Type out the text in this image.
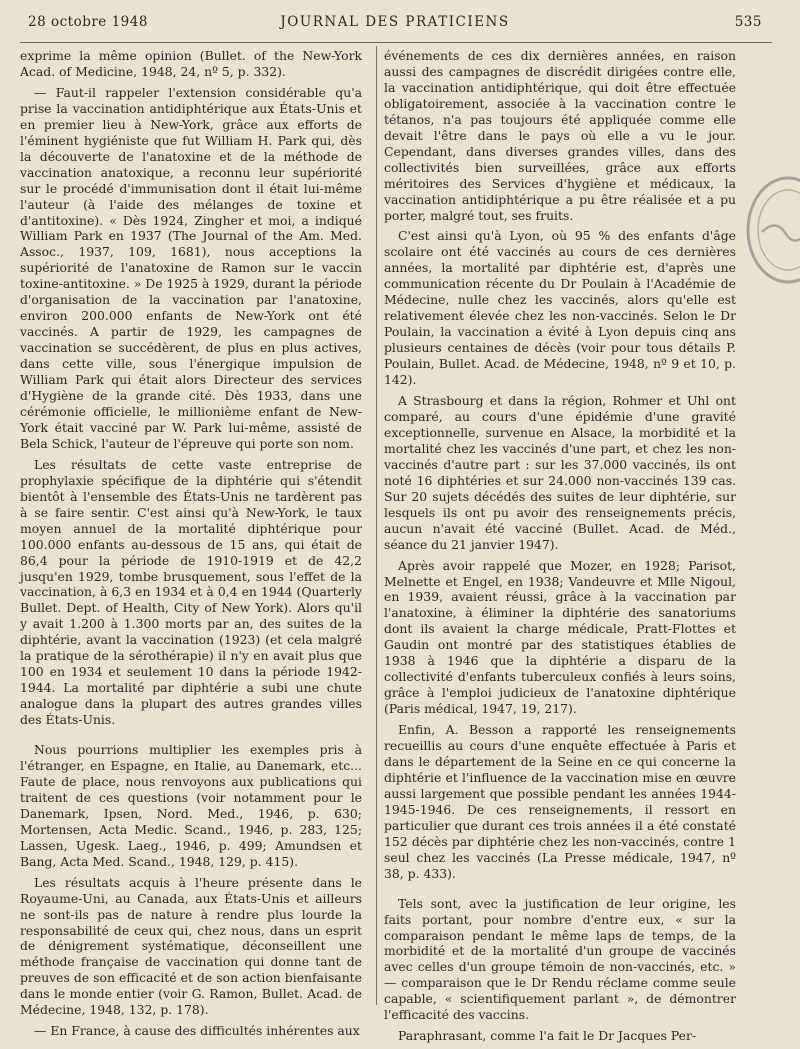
28 octobre 1948	JOURNAL DES PRATICIENS	535

exprime la même opinion (Bullet. of the New-York Acad. of Medicine, 1948, 24, nº 5, p. 332).

— Faut-il rappeler l'extension considérable qu'a prise la vaccination antidiphtérique aux États-Unis et en premier lieu à New-York, grâce aux efforts de l'éminent hygiéniste que fut William H. Park qui, dès la découverte de l'anatoxine et de la méthode de vaccination anatoxique, a reconnu leur supériorité sur le procédé d'immunisation dont il était lui-même l'auteur (à l'aide des mélanges de toxine et d'antitoxine). « Dès 1924, Zingher et moi, a indiqué William Park en 1937 (The Journal of the Am. Med. Assoc., 1937, 109, 1681), nous acceptions la supériorité de l'anatoxine de Ramon sur le vaccin toxine-antitoxine. » De 1925 à 1929, durant la période d'organisation de la vaccination par l'anatoxine, environ 200.000 enfants de New-York ont été vaccinés. A partir de 1929, les campagnes de vaccination se succédèrent, de plus en plus actives, dans cette ville, sous l'énergique impulsion de William Park qui était alors Directeur des services d'Hygiène de la grande cité. Dès 1933, dans une cérémonie officielle, le millionième enfant de New-York était vacciné par W. Park lui-même, assisté de Bela Schick, l'auteur de l'épreuve qui porte son nom.

Les résultats de cette vaste entreprise de prophylaxie spécifique de la diphtérie qui s'étendit bientôt à l'ensemble des États-Unis ne tardèrent pas à se faire sentir. C'est ainsi qu'à New-York, le taux moyen annuel de la mortalité diphtérique pour 100.000 enfants au-dessous de 15 ans, qui était de 86,4 pour la période de 1910-1919 et de 42,2 jusqu'en 1929, tombe brusquement, sous l'effet de la vaccination, à 6,3 en 1934 et à 0,4 en 1944 (Quarterly Bullet. Dept. of Health, City of New York). Alors qu'il y avait 1.200 à 1.300 morts par an, des suites de la diphtérie, avant la vaccination (1923) (et cela malgré la pratique de la sérothérapie) il n'y en avait plus que 100 en 1934 et seulement 10 dans la période 1942-1944. La mortalité par diphtérie a subi une chute analogue dans la plupart des autres grandes villes des États-Unis.

Nous pourrions multiplier les exemples pris à l'étranger, en Espagne, en Italie, au Danemark, etc... Faute de place, nous renvoyons aux publications qui traitent de ces questions (voir notamment pour le Danemark, Ipsen, Nord. Med., 1946, p. 630; Mortensen, Acta Medic. Scand., 1946, p. 283, 125; Lassen, Ugesk. Laeg., 1946, p. 499; Amundsen et Bang, Acta Med. Scand., 1948, 129, p. 415).

Les résultats acquis à l'heure présente dans le Royaume-Uni, au Canada, aux États-Unis et ailleurs ne sont-ils pas de nature à rendre plus lourde la responsabilité de ceux qui, chez nous, dans un esprit de dénigrement systématique, déconseillent une méthode française de vaccination qui donne tant de preuves de son efficacité et de son action bienfaisante dans le monde entier (voir G. Ramon, Bullet. Acad. de Médecine, 1948, 132, p. 178).

— En France, à cause des difficultés inhérentes aux

événements de ces dix dernières années, en raison aussi des campagnes de discrédit dirigées contre elle, la vaccination antidiphtérique, qui doit être effectuée obligatoirement, associée à la vaccination contre le tétanos, n'a pas toujours été appliquée comme elle devait l'être dans le pays où elle a vu le jour. Cependant, dans diverses grandes villes, dans des collectivités bien surveillées, grâce aux efforts méritoires des Services d'hygiène et médicaux, la vaccination antidiphtérique a pu être réalisée et a pu porter, malgré tout, ses fruits.

C'est ainsi qu'à Lyon, où 95 % des enfants d'âge scolaire ont été vaccinés au cours de ces dernières années, la mortalité par diphtérie est, d'après une communication récente du Dr Poulain à l'Académie de Médecine, nulle chez les vaccinés, alors qu'elle est relativement élevée chez les non-vaccinés. Selon le Dr Poulain, la vaccination a évité à Lyon depuis cinq ans plusieurs centaines de décès (voir pour tous détails P. Poulain, Bullet. Acad. de Médecine, 1948, nº 9 et 10, p. 142).

A Strasbourg et dans la région, Rohmer et Uhl ont comparé, au cours d'une épidémie d'une gravité exceptionnelle, survenue en Alsace, la morbidité et la mortalité chez les vaccinés d'une part, et chez les non-vaccinés d'autre part : sur les 37.000 vaccinés, ils ont noté 16 diphtéries et sur 24.000 non-vaccinés 139 cas. Sur 20 sujets décédés des suites de leur diphtérie, sur lesquels ils ont pu avoir des renseignements précis, aucun n'avait été vacciné (Bullet. Acad. de Méd., séance du 21 janvier 1947).

Après avoir rappelé que Mozer, en 1928; Parisot, Melnette et Engel, en 1938; Vandeuvre et Mlle Nigoul, en 1939, avaient réussi, grâce à la vaccination par l'anatoxine, à éliminer la diphtérie des sanatoriums dont ils avaient la charge médicale, Pratt-Flottes et Gaudin ont montré par des statistiques établies de 1938 à 1946 que la diphtérie a disparu de la collectivité d'enfants tuberculeux confiés à leurs soins, grâce à l'emploi judicieux de l'anatoxine diphtérique (Paris médical, 1947, 19, 217).

Enfin, A. Besson a rapporté les renseignements recueillis au cours d'une enquête effectuée à Paris et dans le département de la Seine en ce qui concerne la diphtérie et l'influence de la vaccination mise en œuvre aussi largement que possible pendant les années 1944-1945-1946. De ces renseignements, il ressort en particulier que durant ces trois années il a été constaté 152 décès par diphtérie chez les non-vaccinés, contre 1 seul chez les vaccinés (La Presse médicale, 1947, nº 38, p. 433).

Tels sont, avec la justification de leur origine, les faits portant, pour nombre d'entre eux, « sur la comparaison pendant le même laps de temps, de la morbidité et de la mortalité d'un groupe de vaccinés avec celles d'un groupe témoin de non-vaccinés, etc. » — comparaison que le Dr Rendu réclame comme seule capable, « scientifiquement parlant », de démontrer l'efficacité des vaccins.

Paraphrasant, comme l'a fait le Dr Jacques Per-
